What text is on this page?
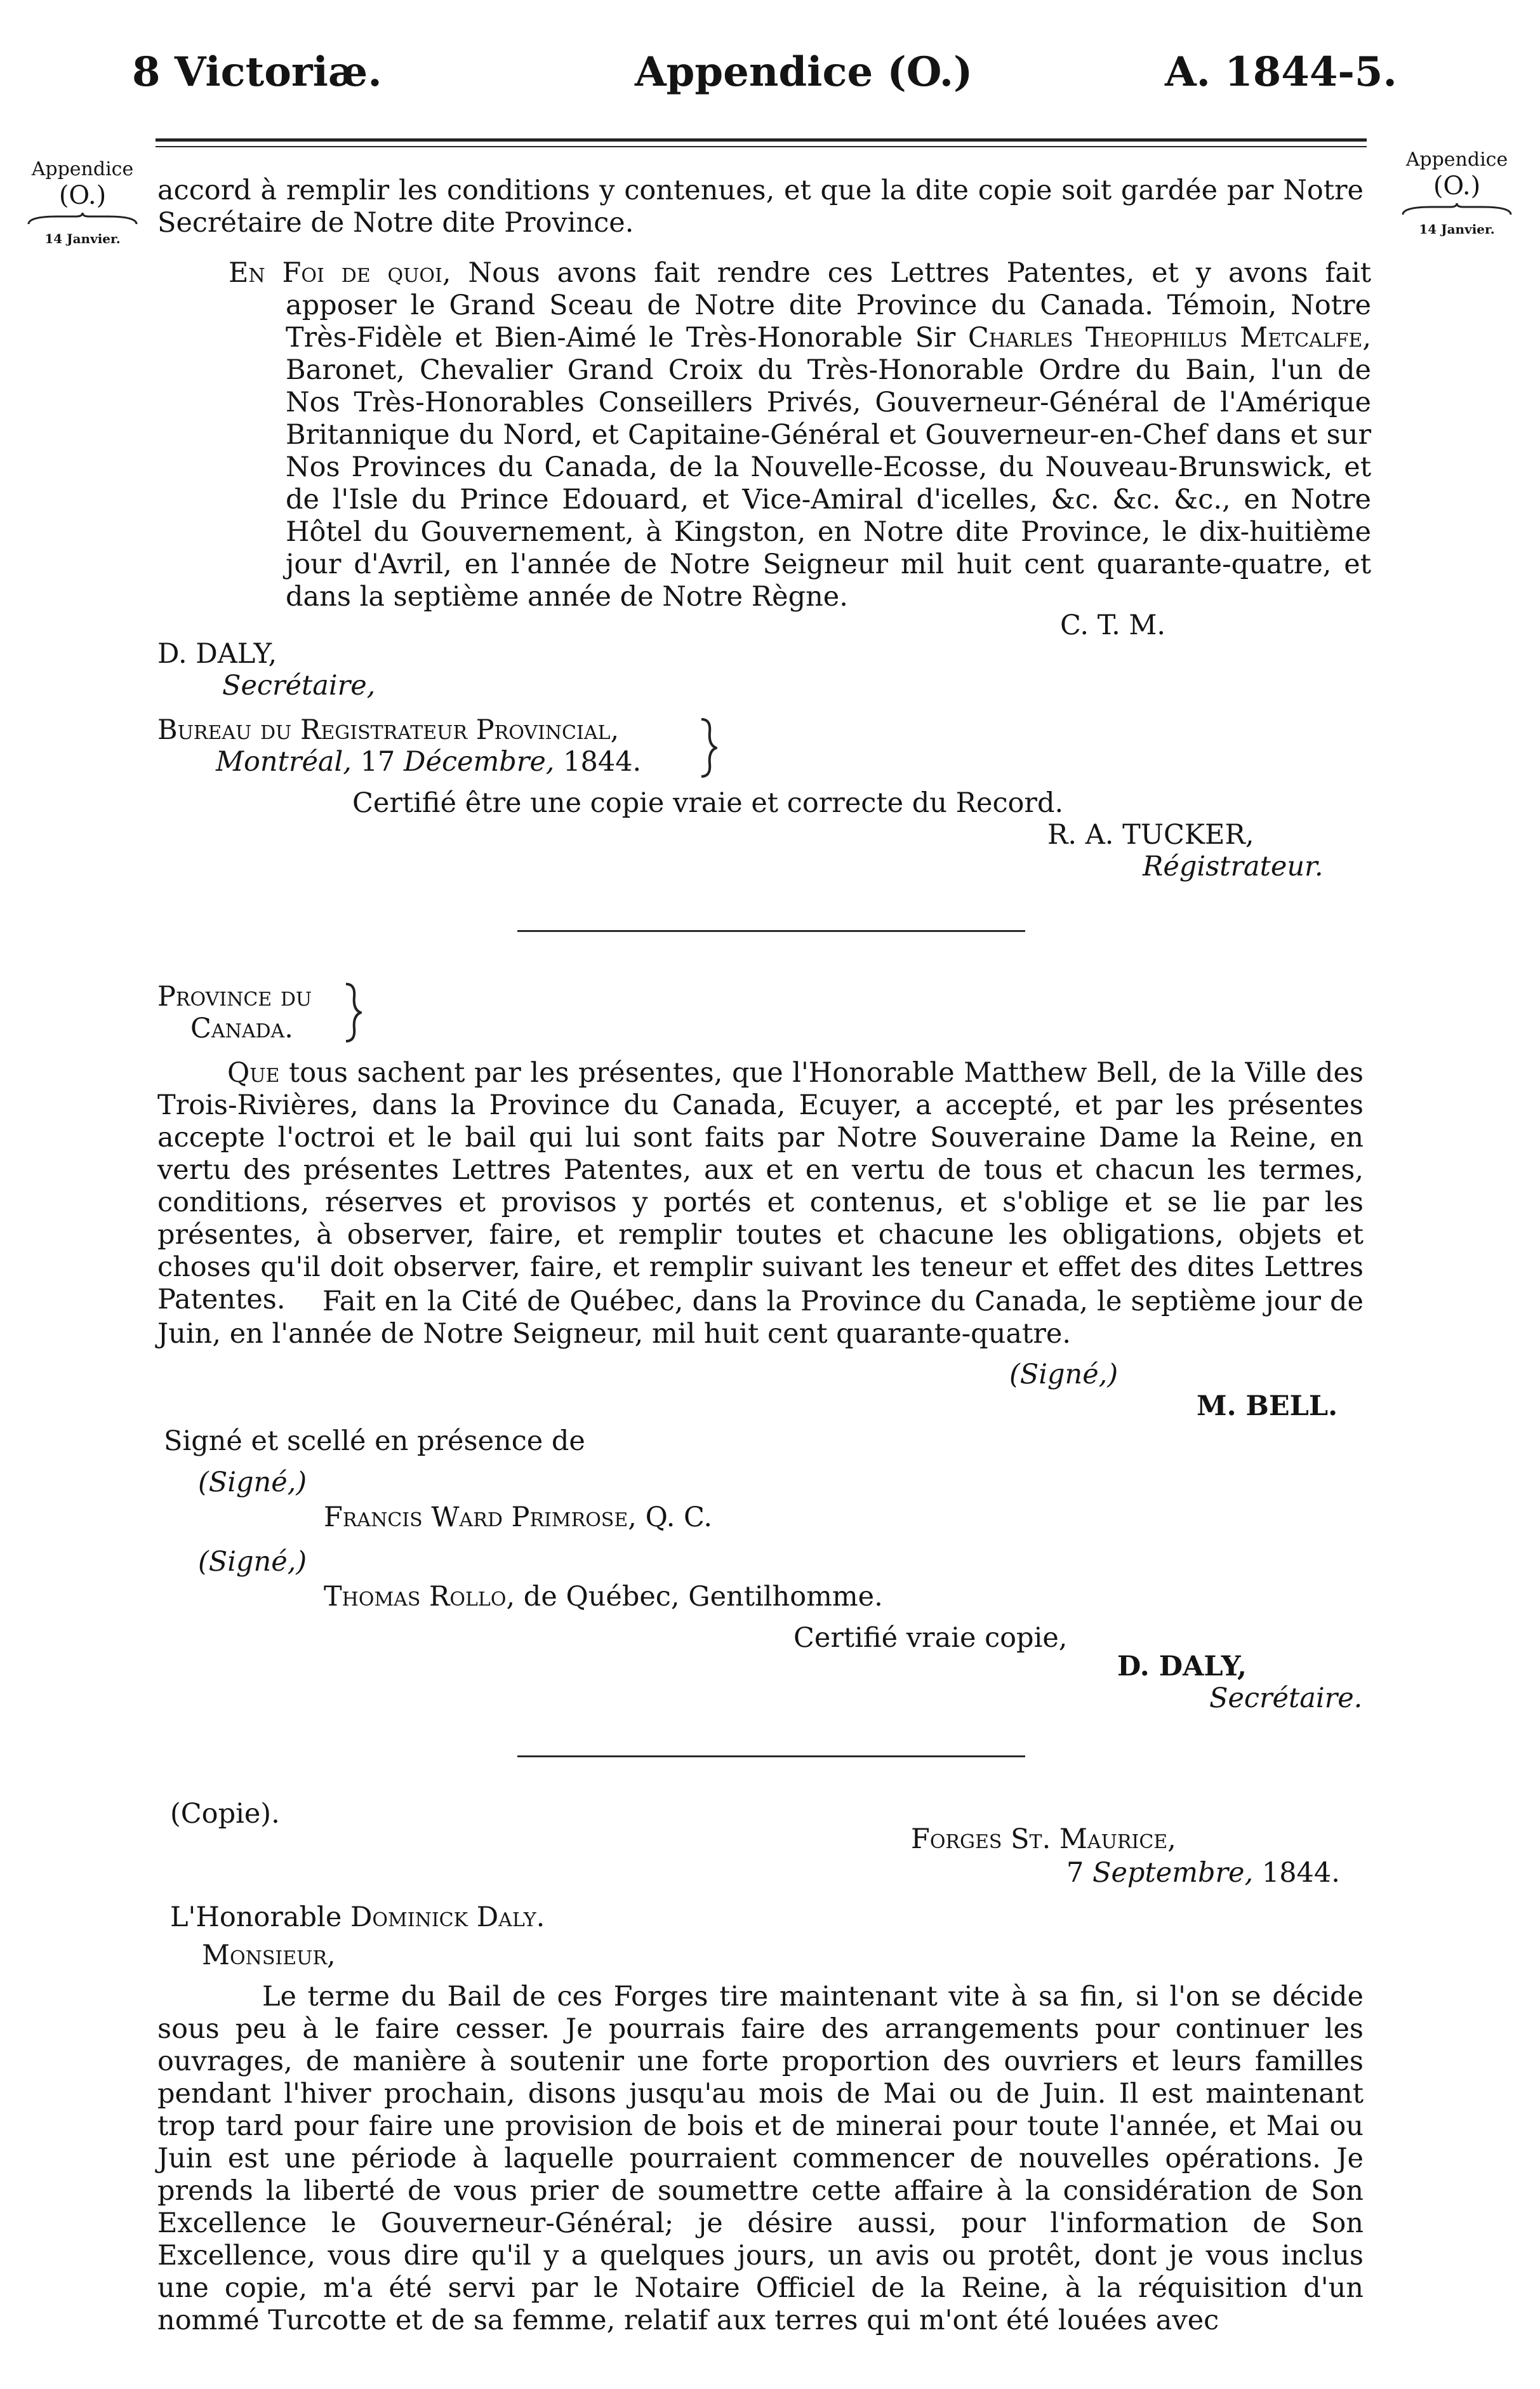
8 Victoriæ.	Appendice (O.)	A. 1844-5.
Appendice
(O.)
14 Janvier.
Appendice
(O.)
14 Janvier.
accord à remplir les conditions y contenues, et que la dite copie soit gardée par Notre Secrétaire de Notre dite Province.
En Foi de quoi, Nous avons fait rendre ces Lettres Patentes, et y avons fait apposer le Grand Sceau de Notre dite Province du Canada. Témoin, Notre Très-Fidèle et Bien-Aimé le Très-Honorable Sir Charles Theophilus Metcalfe, Baronet, Chevalier Grand Croix du Très-Honorable Ordre du Bain, l'un de Nos Très-Honorables Conseillers Privés, Gouverneur-Général de l'Amérique Britannique du Nord, et Capitaine-Général et Gouverneur-en-Chef dans et sur Nos Provinces du Canada, de la Nouvelle-Ecosse, du Nouveau-Brunswick, et de l'Isle du Prince Edouard, et Vice-Amiral d'icelles, &c. &c. &c., en Notre Hôtel du Gouvernement, à Kingston, en Notre dite Province, le dix-huitième jour d'Avril, en l'année de Notre Seigneur mil huit cent quarante-quatre, et dans la septième année de Notre Règne.
C. T. M.
D. DALY,
Secrétaire,
Bureau du Registrateur Provincial,
Montréal, 17 Décembre, 1844.
Certifié être une copie vraie et correcte du Record.
R. A. TUCKER,
Régistrateur.
Province du
Canada.
Que tous sachent par les présentes, que l'Honorable Matthew Bell, de la Ville des Trois-Rivières, dans la Province du Canada, Ecuyer, a accepté, et par les présentes accepte l'octroi et le bail qui lui sont faits par Notre Souveraine Dame la Reine, en vertu des présentes Lettres Patentes, aux et en vertu de tous et chacun les termes, conditions, réserves et provisos y portés et contenus, et s'oblige et se lie par les présentes, à observer, faire, et remplir toutes et chacune les obligations, objets et choses qu'il doit observer, faire, et remplir suivant les teneur et effet des dites Lettres Patentes.	Fait en la Cité de Québec, dans la Province du Canada, le septième jour de Juin, en l'année de Notre Seigneur, mil huit cent quarante-quatre.
(Signé,)
M. BELL.
Signé et scellé en présence de
(Signé,)
Francis Ward Primrose, Q. C.
(Signé,)
Thomas Rollo, de Québec, Gentilhomme.
Certifié vraie copie,
D. DALY,
Secrétaire.
(Copie).
Forges St. Maurice,
7 Septembre, 1844.
L'Honorable Dominick Daly.
Monsieur,
Le terme du Bail de ces Forges tire maintenant vite à sa fin, si l'on se décide sous peu à le faire cesser. Je pourrais faire des arrangements pour continuer les ouvrages, de manière à soutenir une forte proportion des ouvriers et leurs familles pendant l'hiver prochain, disons jusqu'au mois de Mai ou de Juin. Il est maintenant trop tard pour faire une provision de bois et de minerai pour toute l'année, et Mai ou Juin est une période à laquelle pourraient commencer de nouvelles opérations. Je prends la liberté de vous prier de soumettre cette affaire à la considération de Son Excellence le Gouverneur-Général; je désire aussi, pour l'information de Son Excellence, vous dire qu'il y a quelques jours, un avis ou protêt, dont je vous inclus une copie, m'a été servi par le Notaire Officiel de la Reine, à la réquisition d'un nommé Turcotte et de sa femme, relatif aux terres qui m'ont été louées avec
